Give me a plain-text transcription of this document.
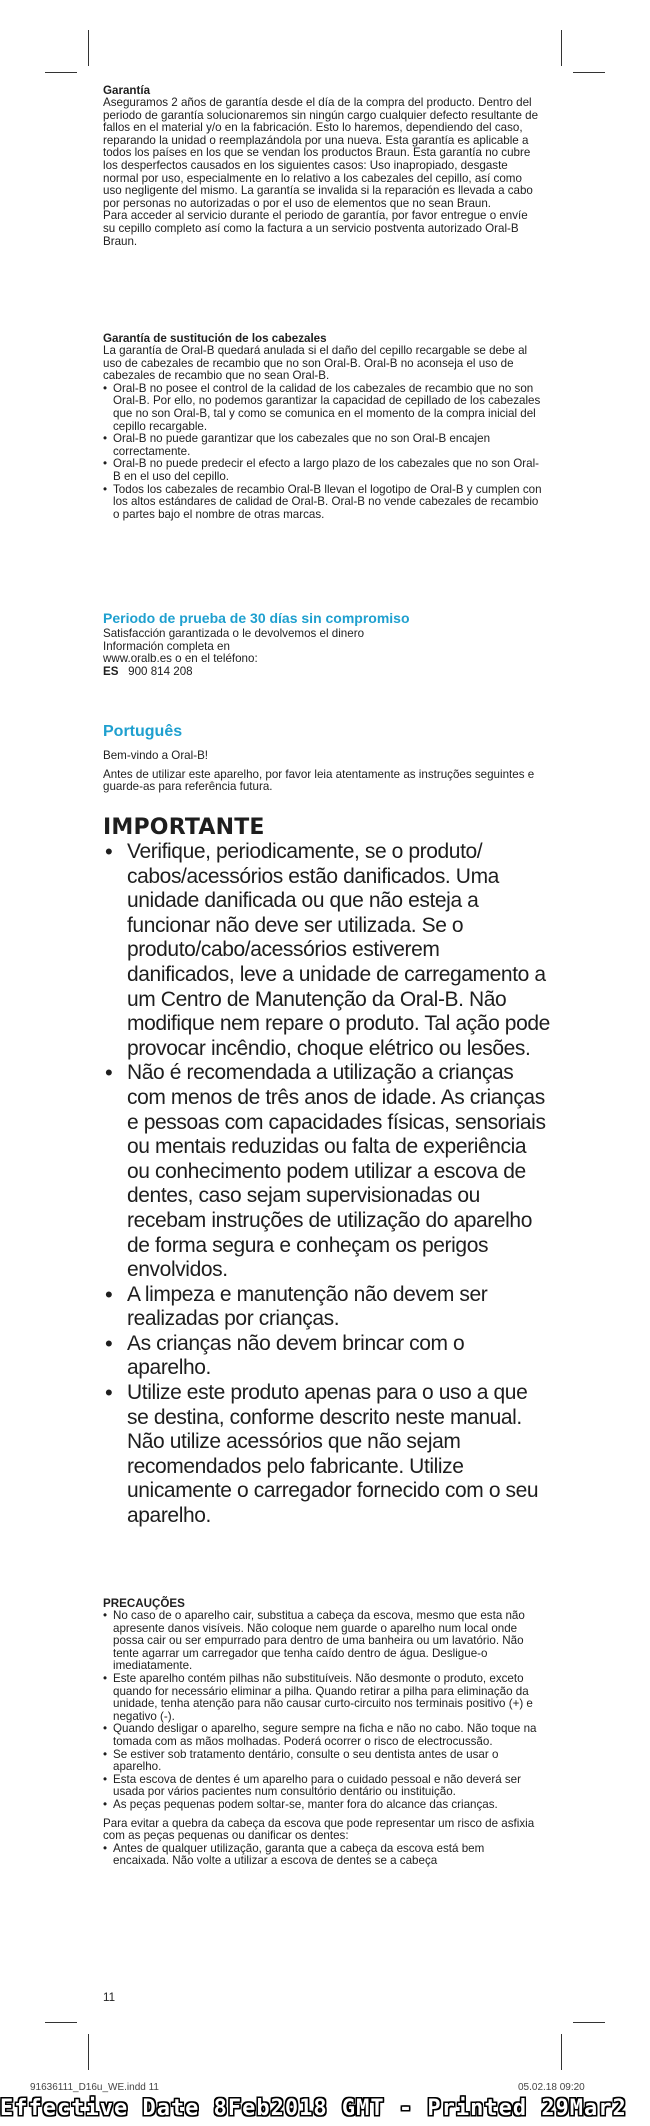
Garantía

Aseguramos 2 años de garantía desde el día de la compra del producto. Dentro del periodo de garantía solucionaremos sin ningún cargo cualquier defecto resultante de fallos en el material y/o en la fabricación. Esto lo haremos, dependiendo del caso, reparando la unidad o reemplazándola por una nueva. Esta garantía es aplicable a todos los países en los que se vendan los productos Braun. Esta garantía no cubre los desperfectos causados en los siguientes casos: Uso inapropiado, desgaste normal por uso, especialmente en lo relativo a los cabezales del cepillo, así como uso negligente del mismo. La garantía se invalida si la reparación es llevada a cabo por personas no autorizadas o por el uso de elementos que no sean Braun.

Para acceder al servicio durante el periodo de garantía, por favor entregue o envíe su cepillo completo así como la factura a un servicio postventa autorizado Oral-B Braun.

Garantía de sustitución de los cabezales

La garantía de Oral-B quedará anulada si el daño del cepillo recargable se debe al uso de cabezales de recambio que no son Oral-B. Oral-B no aconseja el uso de cabezales de recambio que no sean Oral-B.

• Oral-B no posee el control de la calidad de los cabezales de recambio que no son Oral-B. Por ello, no podemos garantizar la capacidad de cepillado de los cabezales que no son Oral-B, tal y como se comunica en el momento de la compra inicial del cepillo recargable.
• Oral-B no puede garantizar que los cabezales que no son Oral-B encajen correctamente.
• Oral-B no puede predecir el efecto a largo plazo de los cabezales que no son Oral-B en el uso del cepillo.
• Todos los cabezales de recambio Oral-B llevan el logotipo de Oral-B y cumplen con los altos estándares de calidad de Oral-B. Oral-B no vende cabezales de recambio o partes bajo el nombre de otras marcas.

Periodo de prueba de 30 días sin compromiso

Satisfacción garantizada o le devolvemos el dinero

Información completa en

www.oralb.es o en el teléfono:

ES 900 814 208

Português

Bem-vindo a Oral-B!

Antes de utilizar este aparelho, por favor leia atentamente as instruções seguintes e guarde-as para referência futura.

IMPORTANTE

• Verifique, periodicamente, se o produto/ cabos/acessórios estão danificados. Uma unidade danificada ou que não esteja a funcionar não deve ser utilizada. Se o produto/cabo/acessórios estiverem danificados, leve a unidade de carregamento a um Centro de Manutenção da Oral-B. Não modifique nem repare o produto. Tal ação pode provocar incêndio, choque elétrico ou lesões.
• Não é recomendada a utilização a crianças com menos de três anos de idade. As crianças e pessoas com capacidades físicas, sensoriais ou mentais reduzidas ou falta de experiência ou conhecimento podem utilizar a escova de dentes, caso sejam supervisionadas ou recebam instruções de utilização do aparelho de forma segura e conheçam os perigos envolvidos.
• A limpeza e manutenção não devem ser realizadas por crianças.
• As crianças não devem brincar com o aparelho.
• Utilize este produto apenas para o uso a que se destina, conforme descrito neste manual. Não utilize acessórios que não sejam recomendados pelo fabricante. Utilize unicamente o carregador fornecido com o seu aparelho.

PRECAUÇÕES

• No caso de o aparelho cair, substitua a cabeça da escova, mesmo que esta não apresente danos visíveis. Não coloque nem guarde o aparelho num local onde possa cair ou ser empurrado para dentro de uma banheira ou um lavatório. Não tente agarrar um carregador que tenha caído dentro de água. Desligue-o imediatamente.
• Este aparelho contém pilhas não substituíveis. Não desmonte o produto, exceto quando for necessário eliminar a pilha. Quando retirar a pilha para eliminação da unidade, tenha atenção para não causar curto-circuito nos terminais positivo (+) e negativo (-).
• Quando desligar o aparelho, segure sempre na ficha e não no cabo. Não toque na tomada com as mãos molhadas. Poderá ocorrer o risco de electrocussão.
• Se estiver sob tratamento dentário, consulte o seu dentista antes de usar o aparelho.
• Esta escova de dentes é um aparelho para o cuidado pessoal e não deverá ser usada por vários pacientes num consultório dentário ou instituição.
• As peças pequenas podem soltar-se, manter fora do alcance das crianças.

Para evitar a quebra da cabeça da escova que pode representar um risco de asfixia com as peças pequenas ou danificar os dentes:

• Antes de qualquer utilização, garanta que a cabeça da escova está bem encaixada. Não volte a utilizar a escova de dentes se a cabeça
11
91636111_D16u_WE.indd 11	05.02.18 09:20
Effective Date 8Feb2018 GMT - Printed 29Mar2
